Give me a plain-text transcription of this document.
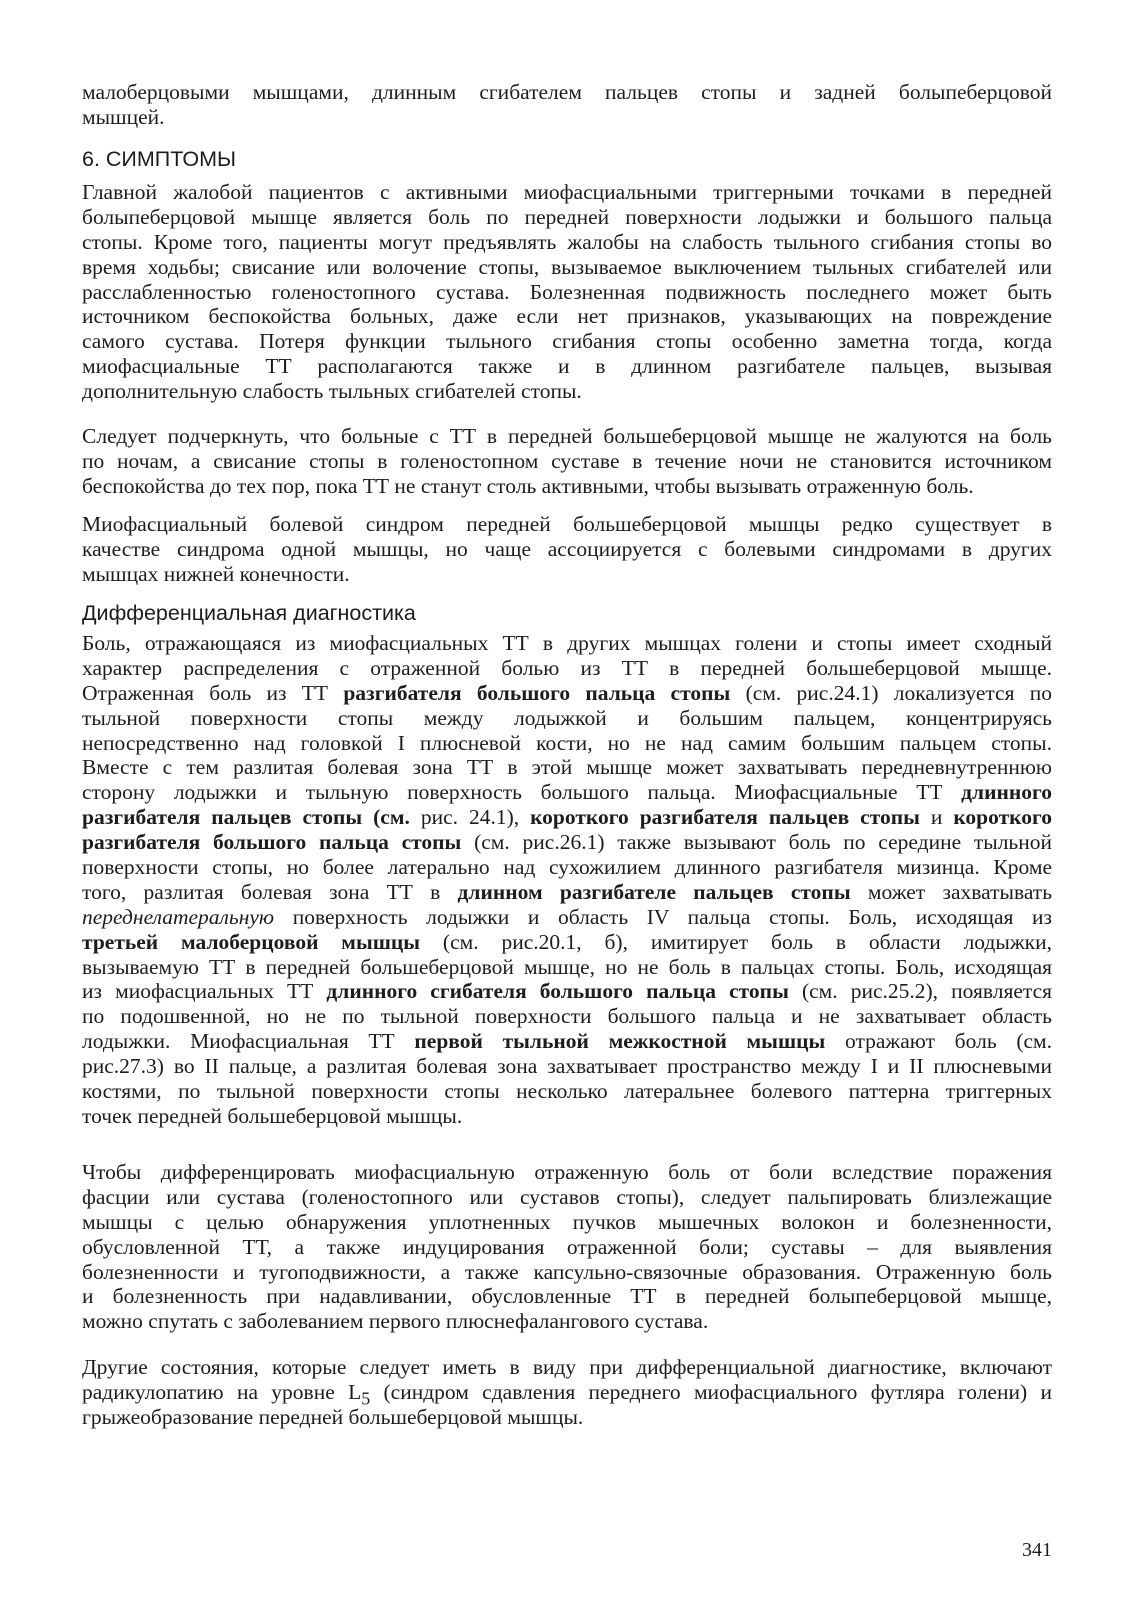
малоберцовыми мышцами, длинным сгибателем пальцев стопы и задней болыпеберцовой
мышцей.
6. СИМПТОМЫ
Главной жалобой пациентов с активными миофасциальными триггерными точками в передней
болыпеберцовой мышце является боль по передней поверхности лодыжки и большого пальца
стопы. Кроме того, пациенты могут предъявлять жалобы на слабость тыльного сгибания стопы во
время ходьбы; свисание или волочение стопы, вызываемое выключением тыльных сгибателей или
расслабленностью голеностопного сустава. Болезненная подвижность последнего может быть
источником беспокойства больных, даже если нет признаков, указывающих на повреждение
самого сустава. Потеря функции тыльного сгибания стопы особенно заметна тогда, когда
миофасциальные ТТ располагаются также и в длинном разгибателе пальцев, вызывая
дополнительную слабость тыльных сгибателей стопы.
Следует подчеркнуть, что больные с ТТ в передней большеберцовой мышце не жалуются на боль
по ночам, а свисание стопы в голеностопном суставе в течение ночи не становится источником
беспокойства до тех пор, пока ТТ не станут столь активными, чтобы вызывать отраженную боль.
Миофасциальный болевой синдром передней большеберцовой мышцы редко существует в
качестве синдрома одной мышцы, но чаще ассоциируется с болевыми синдромами в других
мышцах нижней конечности.
Дифференциальная диагностика
Боль, отражающаяся из миофасциальных ТТ в других мышцах голени и стопы имеет сходный
характер распределения с отраженной болью из ТТ в передней большеберцовой мышце.
Отраженная боль из ТТ разгибателя большого пальца стопы (см. рис.24.1) локализуется по
тыльной поверхности стопы между лодыжкой и большим пальцем, концентрируясь
непосредственно над головкой I плюсневой кости, но не над самим большим пальцем стопы.
Вместе с тем разлитая болевая зона ТТ в этой мышце может захватывать передневнутреннюю
сторону лодыжки и тыльную поверхность большого пальца. Миофасциальные ТТ длинного
разгибателя пальцев стопы (см. рис. 24.1), короткого разгибателя пальцев стопы и короткого
разгибателя большого пальца стопы (см. рис.26.1) также вызывают боль по середине тыльной
поверхности стопы, но более латерально над сухожилием длинного разгибателя мизинца. Кроме
того, разлитая болевая зона ТТ в длинном разгибателе пальцев стопы может захватывать
переднелатеральную поверхность лодыжки и область IV пальца стопы. Боль, исходящая из
третьей малоберцовой мышцы (см. рис.20.1, б), имитирует боль в области лодыжки,
вызываемую ТТ в передней большеберцовой мышце, но не боль в пальцах стопы. Боль, исходящая
из миофасциальных ТТ длинного сгибателя большого пальца стопы (см. рис.25.2), появляется
по подошвенной, но не по тыльной поверхности большого пальца и не захватывает область
лодыжки. Миофасциальная ТТ первой тыльной межкостной мышцы отражают боль (см.
рис.27.3) во II пальце, а разлитая болевая зона захватывает пространство между I и II плюсневыми
костями, по тыльной поверхности стопы несколько латеральнее болевого паттерна триггерных
точек передней большеберцовой мышцы.
Чтобы дифференцировать миофасциальную отраженную боль от боли вследствие поражения
фасции или сустава (голеностопного или суставов стопы), следует пальпировать близлежащие
мышцы с целью обнаружения уплотненных пучков мышечных волокон и болезненности,
обусловленной ТТ, а также индуцирования отраженной боли; суставы – для выявления
болезненности и тугоподвижности, а также капсульно-связочные образования. Отраженную боль
и болезненность при надавливании, обусловленные ТТ в передней болыпеберцовой мышце,
можно спутать с заболеванием первого плюснефалангового сустава.
Другие состояния, которые следует иметь в виду при дифференциальной диагностике, включают
радикулопатию на уровне $L_5$ (синдром сдавления переднего миофасциального футляра голени) и
грыжеобразование передней большеберцовой мышцы.
341
